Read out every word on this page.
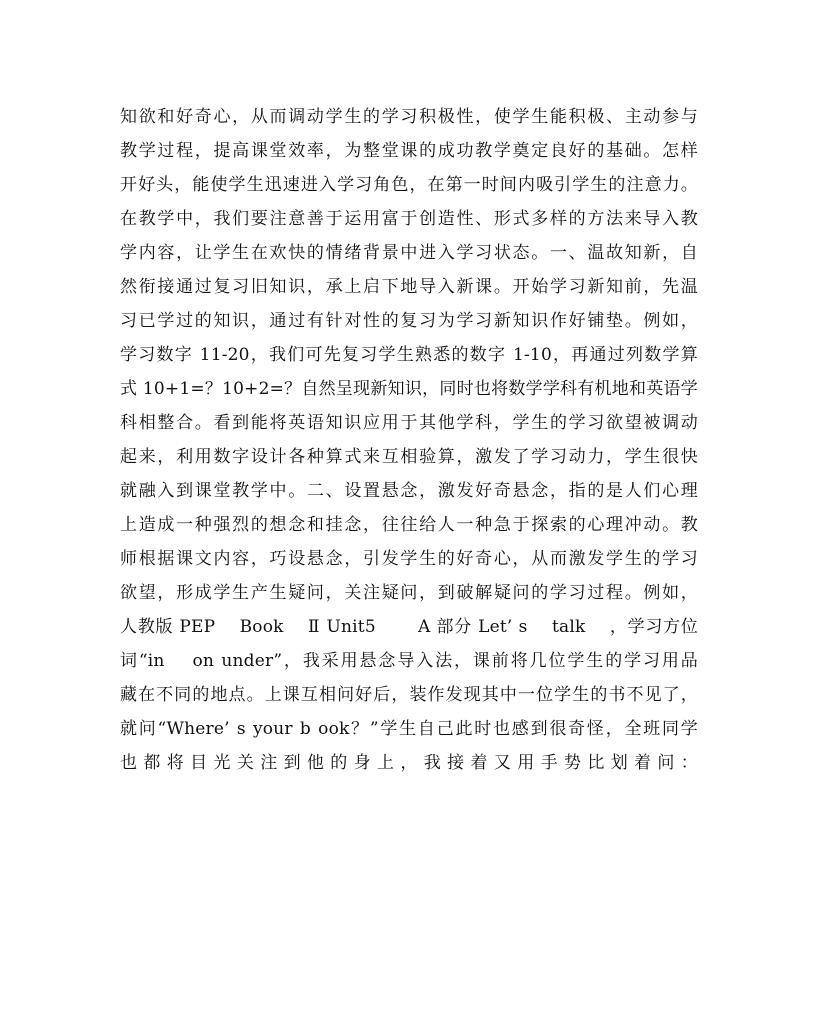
知欲和好奇心，从而调动学生的学习积极性，使学生能积极、主动参与
教学过程，提高课堂效率，为整堂课的成功教学奠定良好的基础。怎样
开好头，能使学生迅速进入学习角色，在第一时间内吸引学生的注意力。
在教学中，我们要注意善于运用富于创造性、形式多样的方法来导入教
学内容，让学生在欢快的情绪背景中进入学习状态。一、温故知新，自
然衔接通过复习旧知识，承上启下地导入新课。开始学习新知前，先温
习已学过的知识，通过有针对性的复习为学习新知识作好铺垫。例如，
学习数字 11-20，我们可先复习学生熟悉的数字 1-10，再通过列数学算
式 10+1=？10+2=？自然呈现新知识，同时也将数学学科有机地和英语学
科相整合。看到能将英语知识应用于其他学科，学生的学习欲望被调动
起来，利用数字设计各种算式来互相验算，激发了学习动力，学生很快
就融入到课堂教学中。二、设置悬念，激发好奇悬念，指的是人们心理
上造成一种强烈的想念和挂念，往往给人一种急于探索的心理冲动。教
师根据课文内容，巧设悬念，引发学生的好奇心，从而激发学生的学习
欲望，形成学生产生疑问，关注疑问，到破解疑问的学习过程。例如，
人教版 PEP　 Book　 Ⅱ Unit5　　 A 部分 Let’ s　 talk　 ，学习方位
词“in　 on under”，我采用悬念导入法，课前将几位学生的学习用品
藏在不同的地点。上课互相问好后，装作发现其中一位学生的书不见了，
就问“Where’ s your b ook？”学生自己此时也感到很奇怪，全班同学
也 都 将 目 光 关 注 到 他 的 身 上 ， 我 接 着 又 用 手 势 比 划 着 问 ：
